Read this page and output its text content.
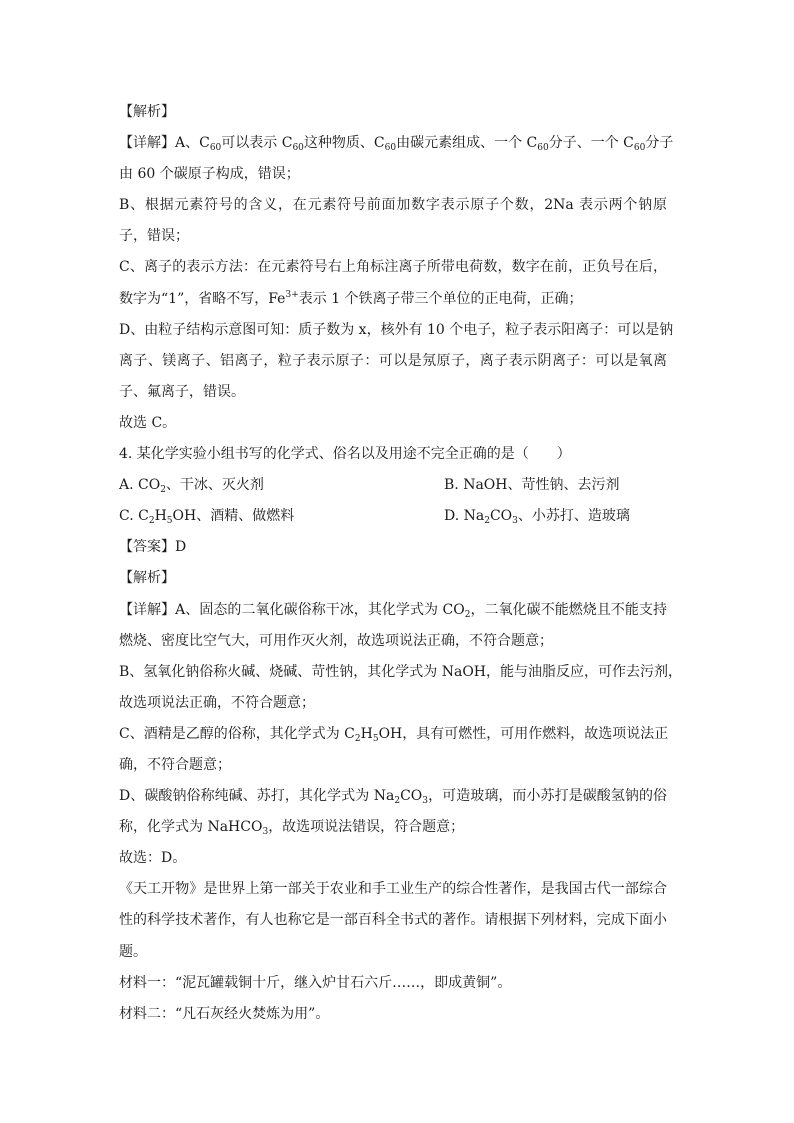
【解析】
【详解】A、$C_{60}$可以表示 $C_{60}$这种物质、$C_{60}$由碳元素组成、一个 $C_{60}$分子、一个 $C_{60}$分子
由 60 个碳原子构成，错误；
B、根据元素符号的含义，在元素符号前面加数字表示原子个数，2Na 表示两个钠原
子，错误；
C、离子的表示方法：在元素符号右上角标注离子所带电荷数，数字在前，正负号在后，
数字为“1”，省略不写，$Fe^{3+}$表示 1 个铁离子带三个单位的正电荷，正确；
D、由粒子结构示意图可知：质子数为 x，核外有 10 个电子，粒子表示阳离子：可以是钠
离子、镁离子、铝离子，粒子表示原子：可以是氖原子，离子表示阴离子：可以是氧离
子、氟离子，错误。
故选 C。
4. 某化学实验小组书写的化学式、俗名以及用途不完全正确的是（　　）
A. $CO_2$、干冰、灭火剂	B. NaOH、苛性钠、去污剂
C. $C_2H_5OH$、酒精、做燃料	D. $Na_2CO_3$、小苏打、造玻璃
【答案】D
【解析】
【详解】A、固态的二氧化碳俗称干冰，其化学式为 $CO_2$，二氧化碳不能燃烧且不能支持
燃烧、密度比空气大，可用作灭火剂，故选项说法正确，不符合题意；
B、氢氧化钠俗称火碱、烧碱、苛性钠，其化学式为 NaOH，能与油脂反应，可作去污剂，
故选项说法正确，不符合题意；
C、酒精是乙醇的俗称，其化学式为 $C_2H_5OH$，具有可燃性，可用作燃料，故选项说法正
确，不符合题意；
D、碳酸钠俗称纯碱、苏打，其化学式为 $Na_2CO_3$，可造玻璃，而小苏打是碳酸氢钠的俗
称，化学式为 NaHCO$_3$，故选项说法错误，符合题意；
故选：D。
《天工开物》是世界上第一部关于农业和手工业生产的综合性著作，是我国古代一部综合
性的科学技术著作，有人也称它是一部百科全书式的著作。请根据下列材料，完成下面小
题。
材料一：“泥瓦罐载铜十斤，继入炉甘石六斤……，即成黄铜”。
材料二：“凡石灰经火焚炼为用”。
